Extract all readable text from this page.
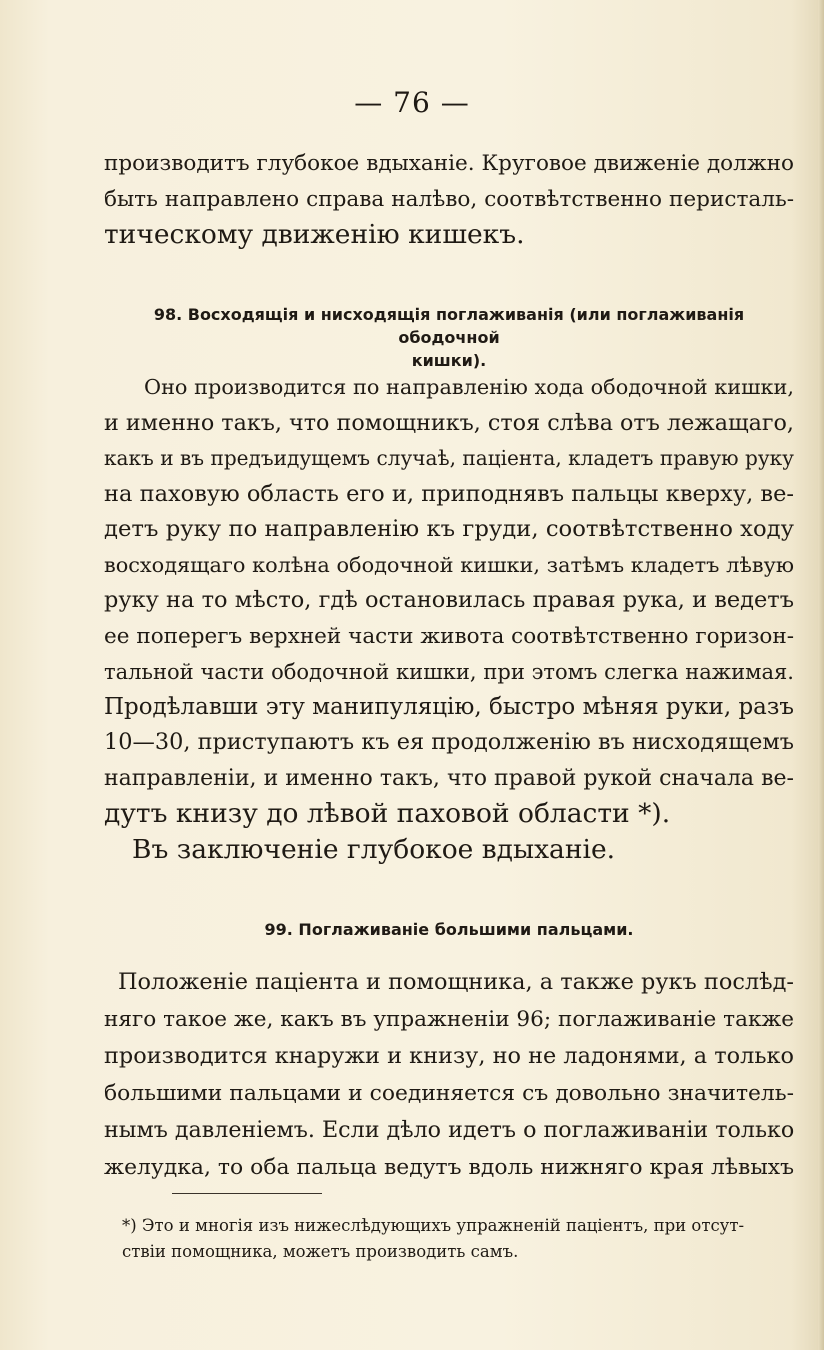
— 76 —

производитъ глубокое вдыханіе. Круговое движеніе должно
быть направлено справа налѣво, соотвѣтственно перисталь-
тическому движенію кишекъ.

98. Восходящія и нисходящія поглаживанія (или поглаживанія ободочной
кишки).

Оно производится по направленію хода ободочной кишки,
и именно такъ, что помощникъ, стоя слѣва отъ лежащаго,
какъ и въ предъидущемъ случаѣ, паціента, кладетъ правую руку
на паховую область его и, приподнявъ пальцы кверху, ве-
детъ руку по направленію къ груди, соотвѣтственно ходу
восходящаго колѣна ободочной кишки, затѣмъ кладетъ лѣвую
руку на то мѣсто, гдѣ остановилась правая рука, и ведетъ
ее поперегъ верхней части живота соотвѣтственно горизон-
тальной части ободочной кишки, при этомъ слегка нажимая.
Продѣлавши эту манипуляцію, быстро мѣняя руки, разъ
10—30, приступаютъ къ ея продолженію въ нисходящемъ
направленіи, и именно такъ, что правой рукой сначала ве-
дутъ книзу до лѣвой паховой области *).
Въ заключеніе глубокое вдыханіе.

99. Поглаживаніе большими пальцами.

Положеніе паціента и помощника, а также рукъ послѣд-
няго такое же, какъ въ упражненіи 96; поглаживаніе также
производится кнаружи и книзу, но не ладонями, а только
большими пальцами и соединяется съ довольно значитель-
нымъ давленіемъ. Если дѣло идетъ о поглаживаніи только
желудка, то оба пальца ведутъ вдоль нижняго края лѣвыхъ

*) Это и многія изъ нижеслѣдующихъ упражненій паціентъ, при отсут-
ствіи помощника, можетъ производить самъ.
